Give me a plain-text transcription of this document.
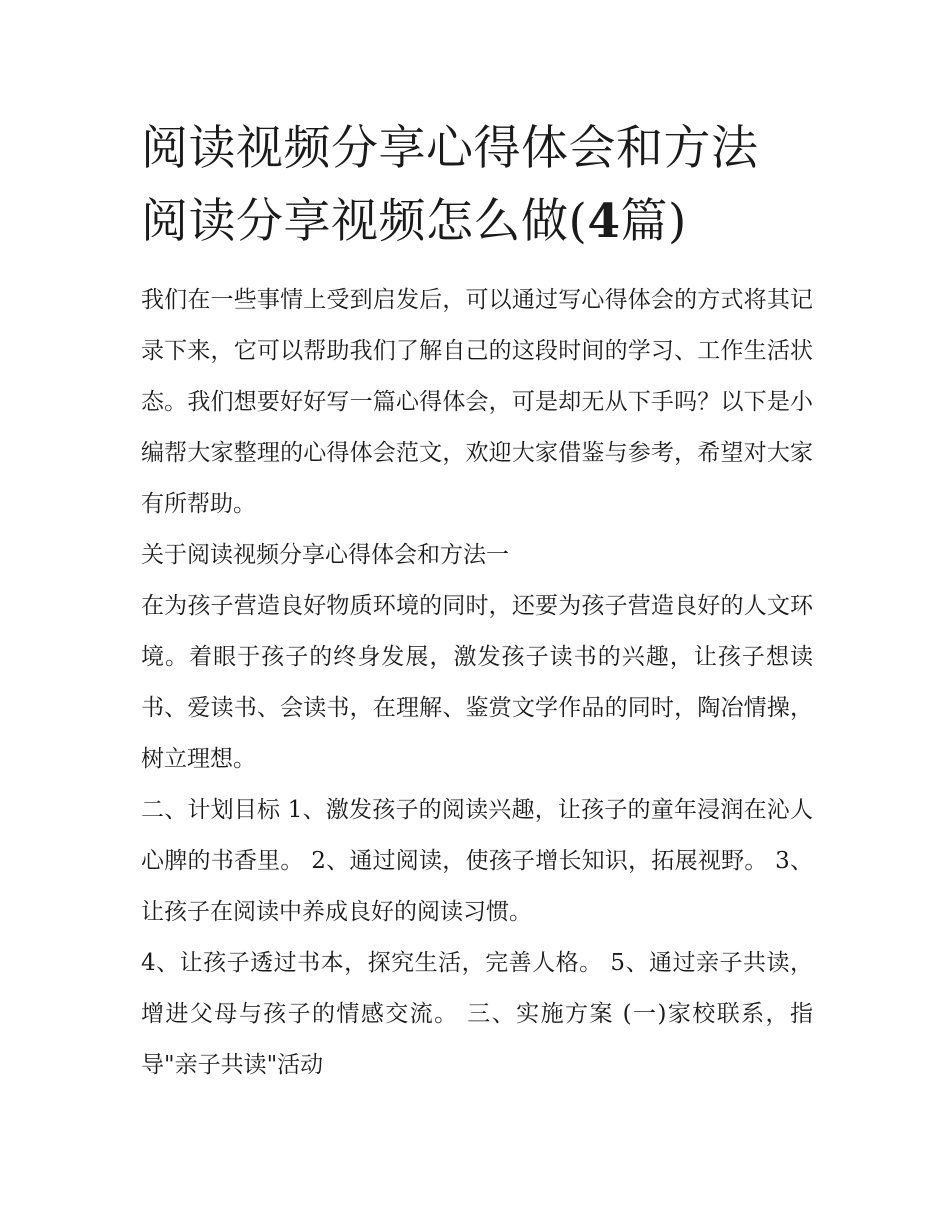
阅读视频分享心得体会和方法
阅读分享视频怎么做(4篇)

我们在一些事情上受到启发后，可以通过写心得体会的方式将其记录下来，它可以帮助我们了解自己的这段时间的学习、工作生活状态。我们想要好好写一篇心得体会，可是却无从下手吗？以下是小编帮大家整理的心得体会范文，欢迎大家借鉴与参考，希望对大家有所帮助。

关于阅读视频分享心得体会和方法一

在为孩子营造良好物质环境的同时，还要为孩子营造良好的人文环境。着眼于孩子的终身发展，激发孩子读书的兴趣，让孩子想读书、爱读书、会读书，在理解、鉴赏文学作品的同时，陶冶情操，树立理想。

二、计划目标 1、激发孩子的阅读兴趣，让孩子的童年浸润在沁人心脾的书香里。 2、通过阅读，使孩子增长知识，拓展视野。 3、让孩子在阅读中养成良好的阅读习惯。

4、让孩子透过书本，探究生活，完善人格。 5、通过亲子共读，增进父母与孩子的情感交流。 三、实施方案 (一)家校联系，指导"亲子共读"活动
